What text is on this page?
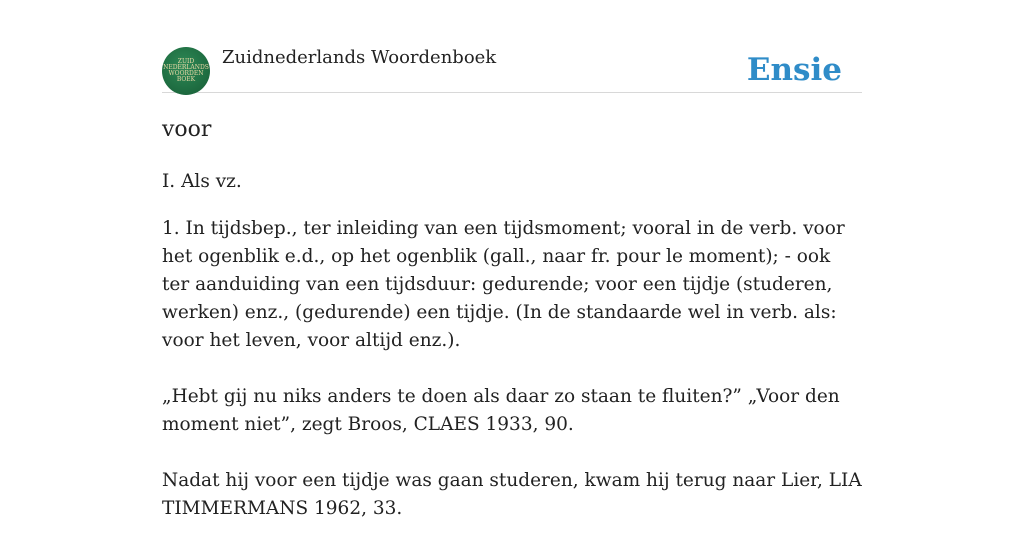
ZUID
NEDERLANDS
WOORDEN
BOEK
Zuidnederlands Woordenboek	Ensie
voor

I. Als vz.

1. In tijdsbep., ter inleiding van een tijdsmoment; vooral in de verb. voor het ogenblik e.d., op het ogenblik (gall., naar fr. pour le moment); - ook ter aanduiding van een tijdsduur: gedurende; voor een tijdje (studeren, werken) enz., (gedurende) een tijdje. (In de standaarde wel in verb. als: voor het leven, voor altijd enz.).

„Hebt gij nu niks anders te doen als daar zo staan te fluiten?” „Voor den moment niet”, zegt Broos, CLAES 1933, 90.

Nadat hij voor een tijdje was gaan studeren, kwam hij terug naar Lier, LIA TIMMERMANS 1962, 33.
